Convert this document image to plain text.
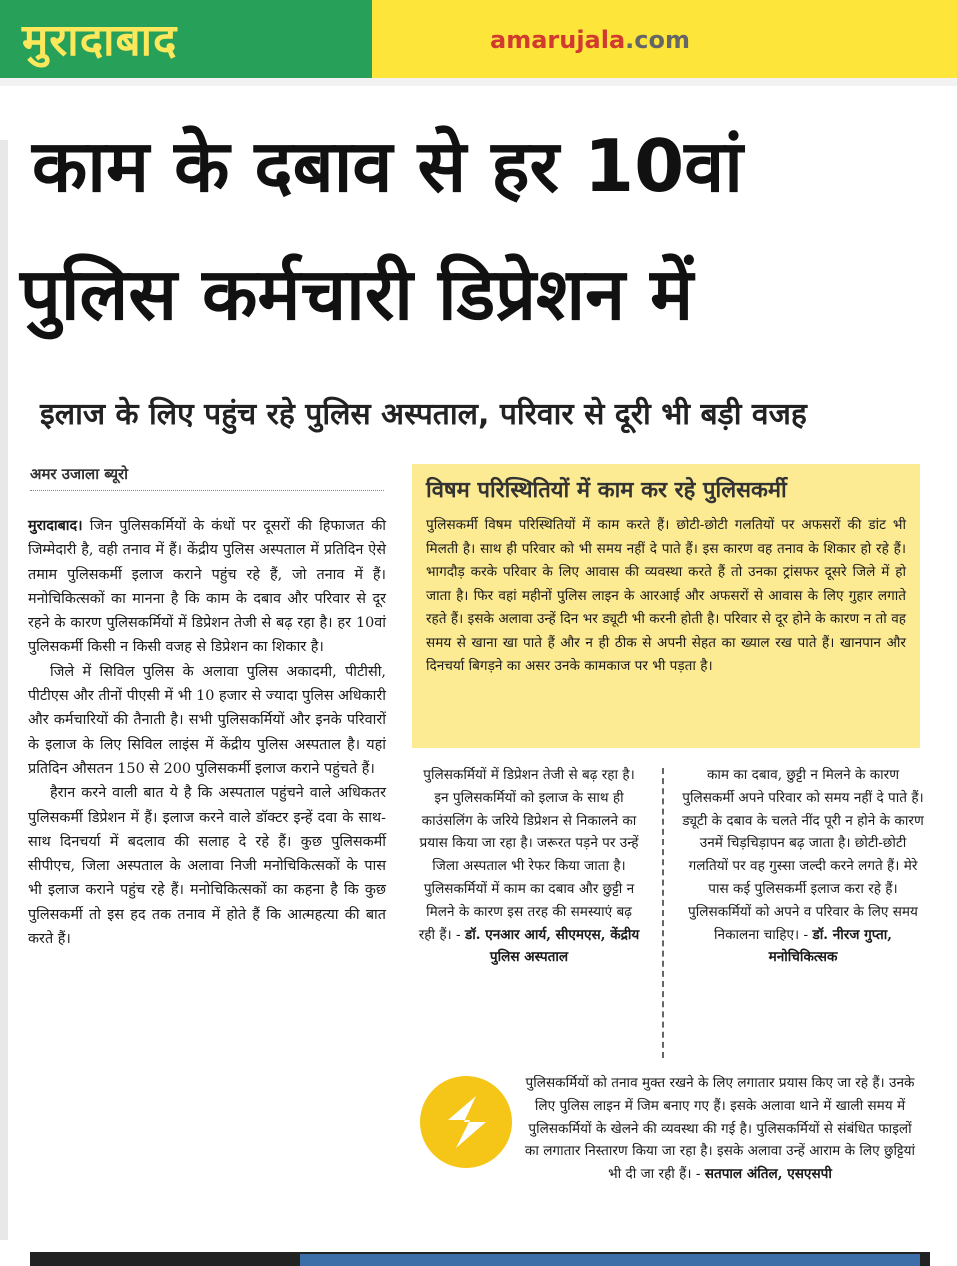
मुरादाबाद	amarujala.com
काम के दबाव से हर 10वां
पुलिस कर्मचारी डिप्रेशन में
इलाज के लिए पहुंच रहे पुलिस अस्पताल, परिवार से दूरी भी बड़ी वजह
अमर उजाला ब्यूरो

मुरादाबाद। जिन पुलिसकर्मियों के कंधों पर दूसरों की हिफाजत की जिम्मेदारी है, वही तनाव में हैं। केंद्रीय पुलिस अस्पताल में प्रतिदिन ऐसे तमाम पुलिसकर्मी इलाज कराने पहुंच रहे हैं, जो तनाव में हैं। मनोचिकित्सकों का मानना है कि काम के दबाव और परिवार से दूर रहने के कारण पुलिसकर्मियों में डिप्रेशन तेजी से बढ़ रहा है। हर 10वां पुलिसकर्मी किसी न किसी वजह से डिप्रेशन का शिकार है।

जिले में सिविल पुलिस के अलावा पुलिस अकादमी, पीटीसी, पीटीएस और तीनों पीएसी में भी 10 हजार से ज्यादा पुलिस अधिकारी और कर्मचारियों की तैनाती है। सभी पुलिसकर्मियों और इनके परिवारों के इलाज के लिए सिविल लाइंस में केंद्रीय पुलिस अस्पताल है। यहां प्रतिदिन औसतन 150 से 200 पुलिसकर्मी इलाज कराने पहुंचते हैं।

हैरान करने वाली बात ये है कि अस्पताल पहुंचने वाले अधिकतर पुलिसकर्मी डिप्रेशन में हैं। इलाज करने वाले डॉक्टर इन्हें दवा के साथ-साथ दिनचर्या में बदलाव की सलाह दे रहे हैं। कुछ पुलिसकर्मी सीपीएच, जिला अस्पताल के अलावा निजी मनोचिकित्सकों के पास भी इलाज कराने पहुंच रहे हैं। मनोचिकित्सकों का कहना है कि कुछ पुलिसकर्मी तो इस हद तक तनाव में होते हैं कि आत्महत्या की बात करते हैं।

विषम परिस्थितियों में काम कर रहे पुलिसकर्मी
पुलिसकर्मी विषम परिस्थितियों में काम करते हैं। छोटी-छोटी गलतियों पर अफसरों की डांट भी मिलती है। साथ ही परिवार को भी समय नहीं दे पाते हैं। इस कारण वह तनाव के शिकार हो रहे हैं। भागदौड़ करके परिवार के लिए आवास की व्यवस्था करते हैं तो उनका ट्रांसफर दूसरे जिले में हो जाता है। फिर वहां महीनों पुलिस लाइन के आरआई और अफसरों से आवास के लिए गुहार लगाते रहते हैं। इसके अलावा उन्हें दिन भर ड्यूटी भी करनी होती है। परिवार से दूर होने के कारण न तो वह समय से खाना खा पाते हैं और न ही ठीक से अपनी सेहत का ख्याल रख पाते हैं। खानपान और दिनचर्या बिगड़ने का असर उनके कामकाज पर भी पड़ता है।
पुलिसकर्मियों में डिप्रेशन तेजी से बढ़ रहा है। इन पुलिसकर्मियों को इलाज के साथ ही काउंसलिंग के जरिये डिप्रेशन से निकालने का प्रयास किया जा रहा है। जरूरत पड़ने पर उन्हें जिला अस्पताल भी रेफर किया जाता है। पुलिसकर्मियों में काम का दबाव और छुट्टी न मिलने के कारण इस तरह की समस्याएं बढ़ रही हैं। - डॉ. एनआर आर्य, सीएमएस, केंद्रीय पुलिस अस्पताल
काम का दबाव, छुट्टी न मिलने के कारण पुलिसकर्मी अपने परिवार को समय नहीं दे पाते हैं। ड्यूटी के दबाव के चलते नींद पूरी न होने के कारण उनमें चिड़चिड़ापन बढ़ जाता है। छोटी-छोटी गलतियों पर वह गुस्सा जल्दी करने लगते हैं। मेरे पास कई पुलिसकर्मी इलाज करा रहे हैं। पुलिसकर्मियों को अपने व परिवार के लिए समय निकालना चाहिए। - डॉ. नीरज गुप्ता, मनोचिकित्सक
पुलिसकर्मियों को तनाव मुक्त रखने के लिए लगातार प्रयास किए जा रहे हैं। उनके लिए पुलिस लाइन में जिम बनाए गए हैं। इसके अलावा थाने में खाली समय में पुलिसकर्मियों के खेलने की व्यवस्था की गई है। पुलिसकर्मियों से संबंधित फाइलों का लगातार निस्तारण किया जा रहा है। इसके अलावा उन्हें आराम के लिए छुट्टियां भी दी जा रही हैं। - सतपाल अंतिल, एसएसपी
